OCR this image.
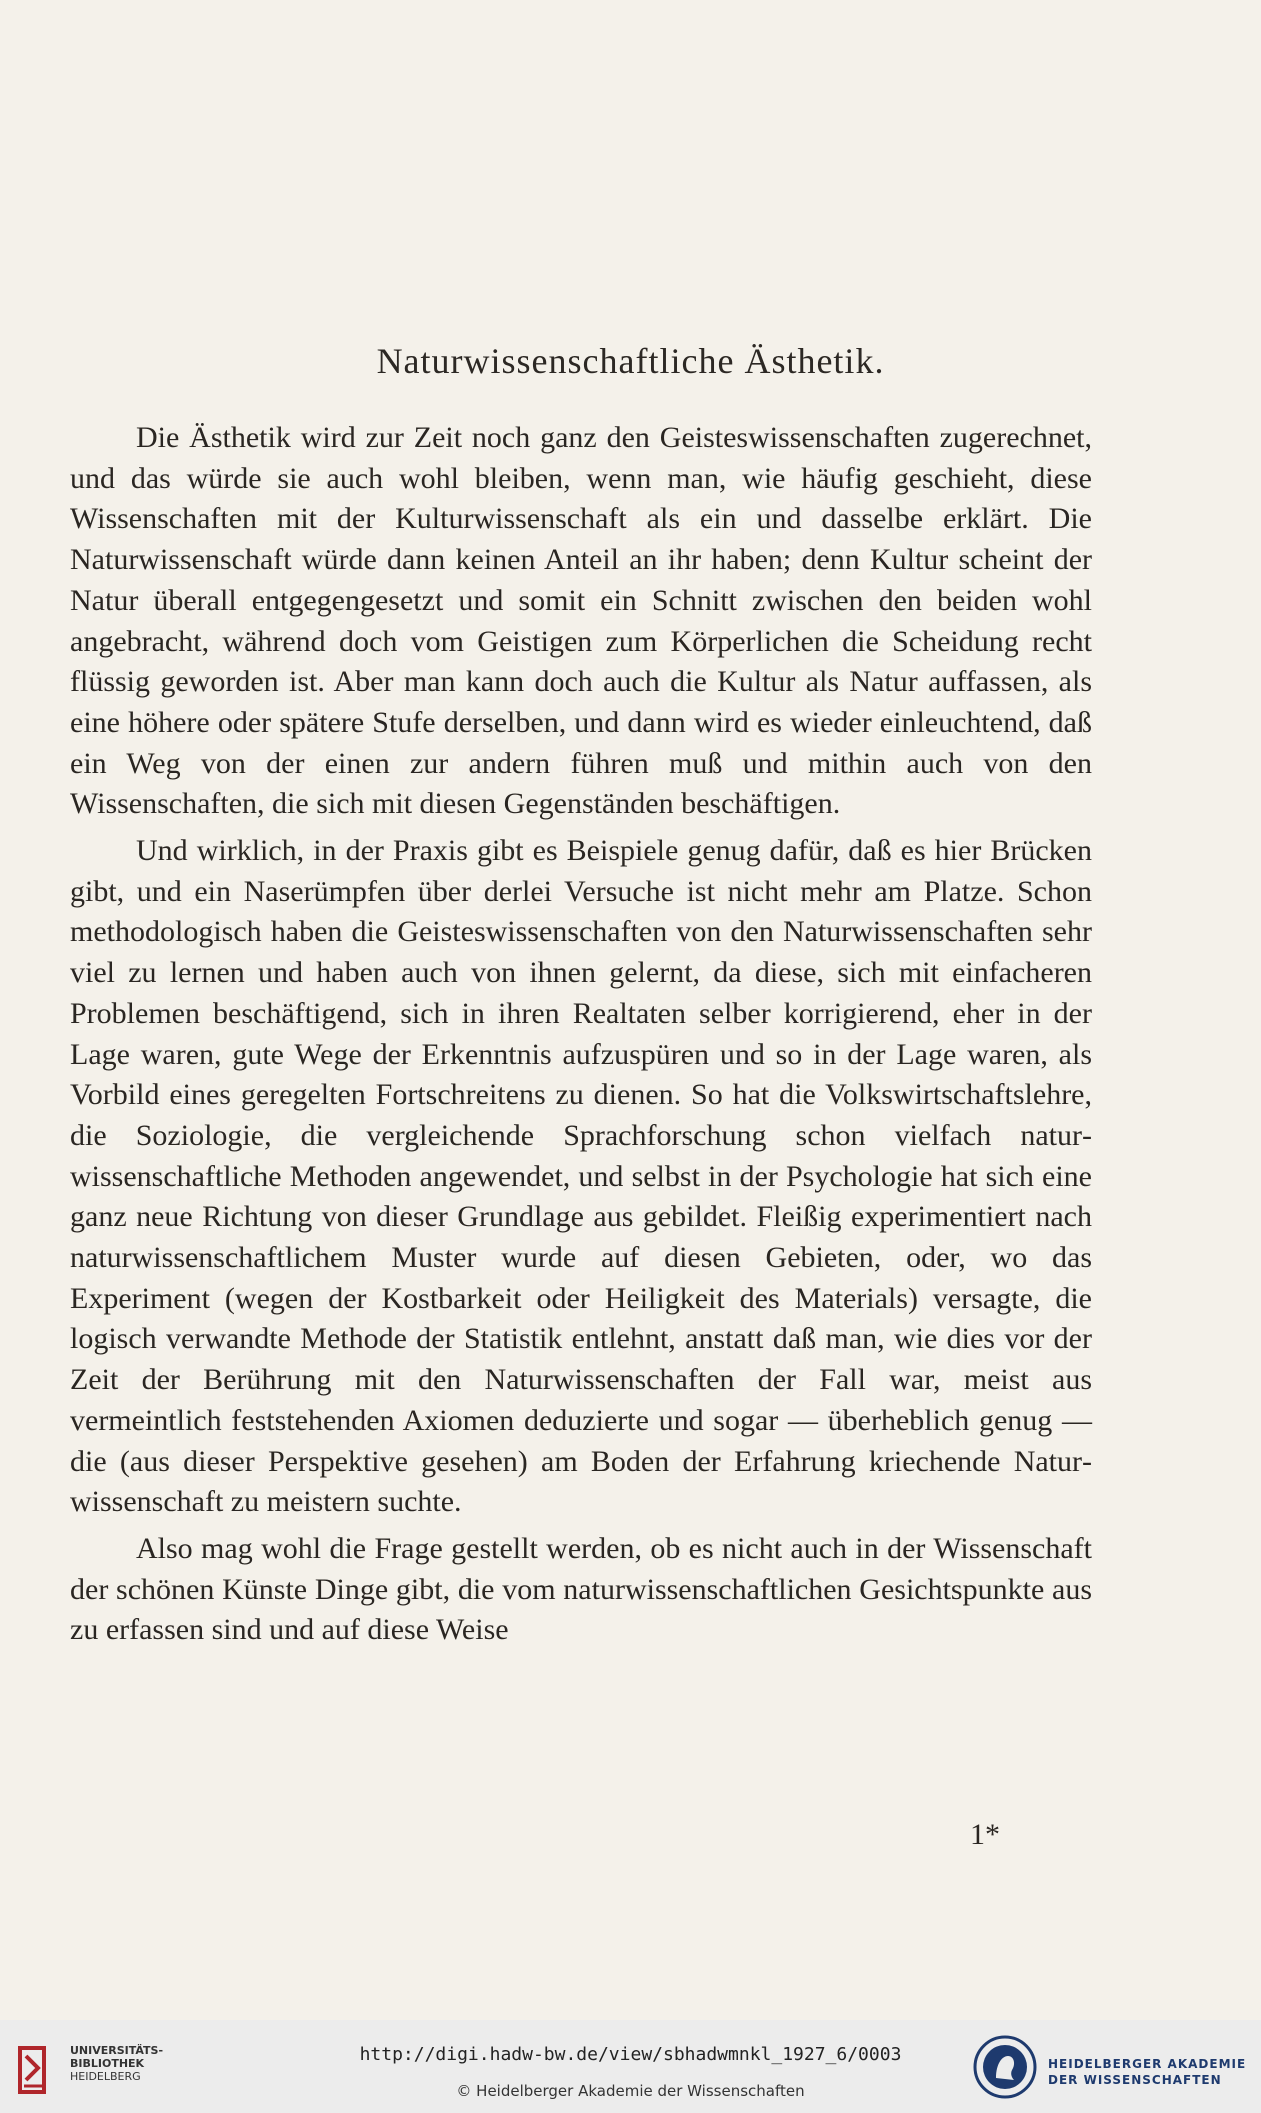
Naturwissenschaftliche Ästhetik.

Die Ästhetik wird zur Zeit noch ganz den Geisteswissenschaften zugerechnet, und das würde sie auch wohl bleiben, wenn man, wie häufig geschieht, diese Wissenschaften mit der Kulturwissenschaft als ein und dasselbe erklärt. Die Naturwissenschaft würde dann keinen Anteil an ihr haben; denn Kultur scheint der Natur überall entgegengesetzt und somit ein Schnitt zwischen den beiden wohl angebracht, während doch vom Geistigen zum Körperlichen die Scheidung recht flüssig geworden ist. Aber man kann doch auch die Kultur als Natur auffassen, als eine höhere oder spätere Stufe derselben, und dann wird es wieder einleuchtend, daß ein Weg von der einen zur andern führen muß und mithin auch von den Wissenschaften, die sich mit diesen Gegenständen beschäftigen.

Und wirklich, in der Praxis gibt es Beispiele genug dafür, daß es hier Brücken gibt, und ein Naserümpfen über derlei Versuche ist nicht mehr am Platze. Schon methodologisch haben die Geisteswissenschaften von den Naturwissenschaften sehr viel zu lernen und haben auch von ihnen gelernt, da diese, sich mit einfacheren Problemen beschäftigend, sich in ihren Realtaten selber korrigierend, eher in der Lage waren, gute Wege der Erkenntnis aufzuspüren und so in der Lage waren, als Vorbild eines geregelten Fortschreitens zu dienen. So hat die Volkswirtschaftslehre, die Soziologie, die vergleichende Sprachforschung schon vielfach naturwissenschaftliche Methoden angewendet, und selbst in der Psychologie hat sich eine ganz neue Richtung von dieser Grundlage aus gebildet. Fleißig experimentiert nach naturwissenschaftlichem Muster wurde auf diesen Gebieten, oder, wo das Experiment (wegen der Kostbarkeit oder Heiligkeit des Materials) versagte, die logisch verwandte Methode der Statistik entlehnt, anstatt daß man, wie dies vor der Zeit der Berührung mit den Naturwissenschaften der Fall war, meist aus vermeintlich feststehenden Axiomen deduzierte und sogar — überheblich genug — die (aus dieser Perspektive gesehen) am Boden der Erfahrung kriechende Naturwissenschaft zu meistern suchte.

Also mag wohl die Frage gestellt werden, ob es nicht auch in der Wissenschaft der schönen Künste Dinge gibt, die vom naturwissenschaftlichen Gesichtspunkte aus zu erfassen sind und auf diese Weise

1*
UNIVERSITÄTS-
BIBLIOTHEK
HEIDELBERG
http://digi.hadw-bw.de/view/sbhadwmnkl_1927_6/0003
© Heidelberger Akademie der Wissenschaften
HEIDELBERGER AKADEMIE
DER WISSENSCHAFTEN
